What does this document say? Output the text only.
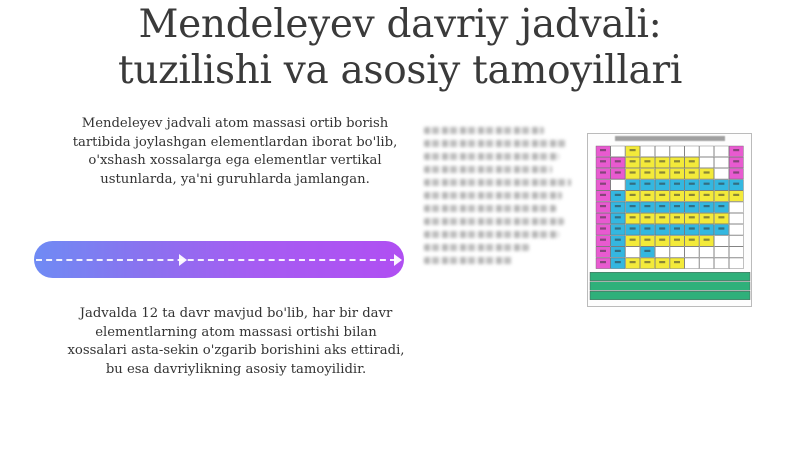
Mendeleyev davriy jadvali:
tuzilishi va asosiy tamoyillari

Mendeleyev jadvali atom massasi ortib borish tartibida joylashgan elementlardan iborat bo'lib, o'xshash xossalarga ega elementlar vertikal ustunlarda, ya'ni guruhlarda jamlangan.

Jadvalda 12 ta davr mavjud bo'lib, har bir davr elementlarning atom massasi ortishi bilan xossalari asta-sekin o'zgarib borishini aks ettiradi, bu esa davriylikning asosiy tamoyilidir.
